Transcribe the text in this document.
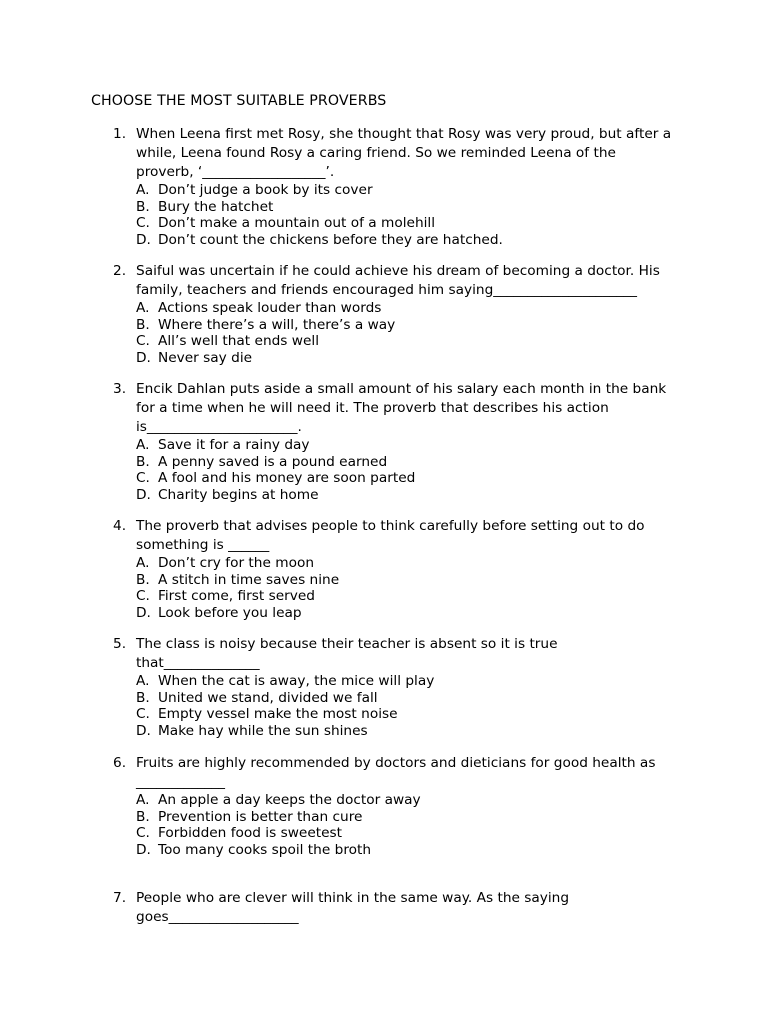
CHOOSE THE MOST SUITABLE PROVERBS
1. When Leena first met Rosy, she thought that Rosy was very proud, but after a
while, Leena found Rosy a caring friend. So we reminded Leena of the
proverb, ‘__________________’.
A. Don’t judge a book by its cover
B. Bury the hatchet
C. Don’t make a mountain out of a molehill
D. Don’t count the chickens before they are hatched.
2. Saiful was uncertain if he could achieve his dream of becoming a doctor. His
family, teachers and friends encouraged him saying_____________________
A. Actions speak louder than words
B. Where there’s a will, there’s a way
C. All’s well that ends well
D. Never say die
3. Encik Dahlan puts aside a small amount of his salary each month in the bank
for a time when he will need it. The proverb that describes his action
is______________________.
A. Save it for a rainy day
B. A penny saved is a pound earned
C. A fool and his money are soon parted
D. Charity begins at home
4. The proverb that advises people to think carefully before setting out to do
something is ______
A. Don’t cry for the moon
B. A stitch in time saves nine
C. First come, first served
D. Look before you leap
5. The class is noisy because their teacher is absent so it is true
that______________
A. When the cat is away, the mice will play
B. United we stand, divided we fall
C. Empty vessel make the most noise
D. Make hay while the sun shines
6. Fruits are highly recommended by doctors and dieticians for good health as
_____________
A. An apple a day keeps the doctor away
B. Prevention is better than cure
C. Forbidden food is sweetest
D. Too many cooks spoil the broth
7. People who are clever will think in the same way. As the saying
goes___________________
